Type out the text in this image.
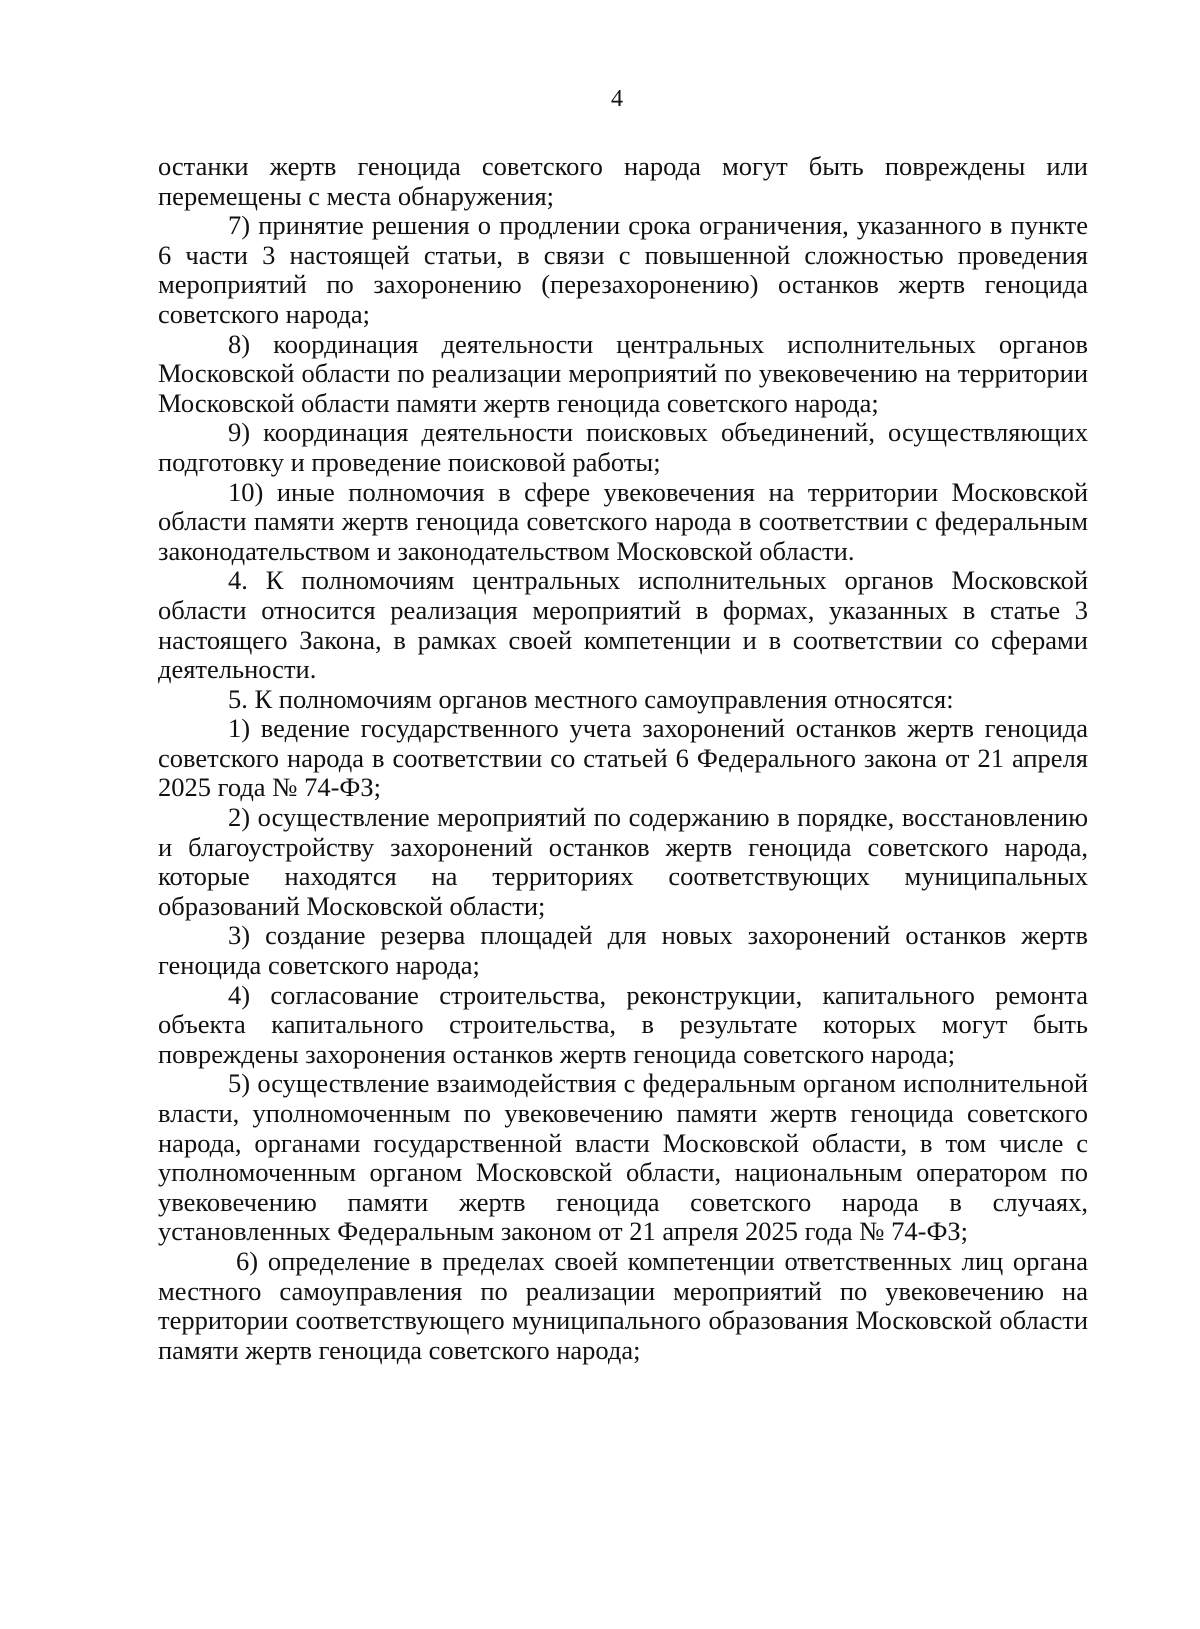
4

останки жертв геноцида советского народа могут быть повреждены или перемещены с места обнаружения;

7) принятие решения о продлении срока ограничения, указанного в пункте 6 части 3 настоящей статьи, в связи с повышенной сложностью проведения мероприятий по захоронению (перезахоронению) останков жертв геноцида советского народа;

8) координация деятельности центральных исполнительных органов Московской области по реализации мероприятий по увековечению на территории Московской области памяти жертв геноцида советского народа;

9) координация деятельности поисковых объединений, осуществляющих подготовку и проведение поисковой работы;

10) иные полномочия в сфере увековечения на территории Московской области памяти жертв геноцида советского народа в соответствии с федеральным законодательством и законодательством Московской области.

4. К полномочиям центральных исполнительных органов Московской области относится реализация мероприятий в формах, указанных в статье 3 настоящего Закона, в рамках своей компетенции и в соответствии со сферами деятельности.

5. К полномочиям органов местного самоуправления относятся:

1) ведение государственного учета захоронений останков жертв геноцида советского народа в соответствии со статьей 6 Федерального закона от 21 апреля 2025 года № 74-ФЗ;

2) осуществление мероприятий по содержанию в порядке, восстановлению и благоустройству захоронений останков жертв геноцида советского народа, которые находятся на территориях соответствующих муниципальных образований Московской области;

3) создание резерва площадей для новых захоронений останков жертв геноцида советского народа;

4) согласование строительства, реконструкции, капитального ремонта объекта капитального строительства, в результате которых могут быть повреждены захоронения останков жертв геноцида советского народа;

5) осуществление взаимодействия с федеральным органом исполнительной власти, уполномоченным по увековечению памяти жертв геноцида советского народа, органами государственной власти Московской области, в том числе с уполномоченным органом Московской области, национальным оператором по увековечению памяти жертв геноцида советского народа в случаях, установленных Федеральным законом от 21 апреля 2025 года № 74-ФЗ;

6) определение в пределах своей компетенции ответственных лиц органа местного самоуправления по реализации мероприятий по увековечению на территории соответствующего муниципального образования Московской области памяти жертв геноцида советского народа;
